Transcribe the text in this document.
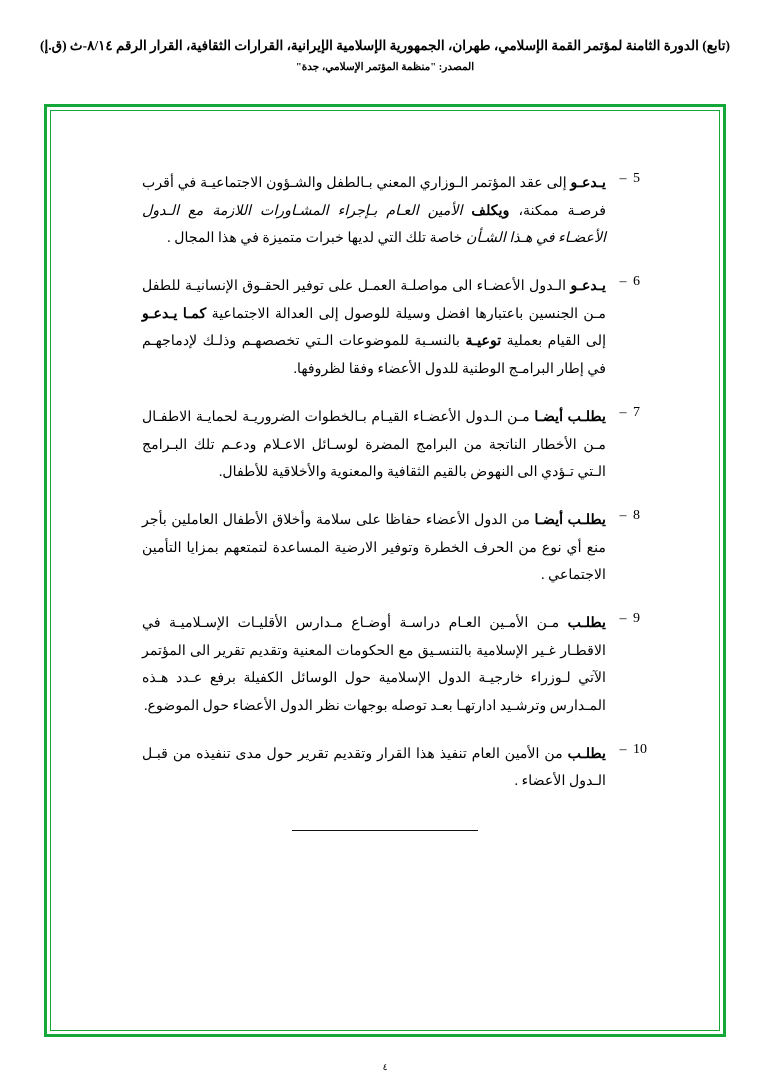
(تابع) الدورة الثامنة لمؤتمر القمة الإسلامي، طهران، الجمهورية الإسلامية الإيرانية، القرارات الثقافية، القرار الرقم ٨/١٤-ث (ق.إ)
المصدر: "منظمة المؤتمر الإسلامي، جدة"
5
–
يـدعـو إلى عقد المؤتمر الـوزاري المعني بـالطفل والشـؤون الاجتماعيـة في أقرب فرصـة ممكنة، ويكلف الأمين العـام بـإجراء المشـاورات اللازمة مع الـدول الأعضـاء في هـذا الشـأن خاصة تلك التي لديها خبرات متميزة في هذا المجال .
6
–
يـدعـو الـدول الأعضـاء الى مواصلـة العمـل على توفير الحقـوق الإنسانيـة للطفل مـن الجنسين باعتبارها افضل وسيلة للوصول إلى العدالة الاجتماعية كمـا يـدعـو إلى القيام بعملية توعيـة بالنسـبة للموضوعات الـتي تخصصهـم وذلـك لإدماجهـم في إطار البرامـج الوطنية للدول الأعضاء وفقا لظروفها.
7
–
يطلـب أيضـا مـن الـدول الأعضـاء القيـام بـالخطوات الضروريـة لحمايـة الاطفـال مـن الأخطار الناتجة من البرامج المضرة لوسـائل الاعـلام ودعـم تلك البـرامج الـتي تـؤدي الى النهوض بالقيم الثقافية والمعنوية والأخلاقية للأطفال.
8
–
يطلـب أيضـا من الدول الأعضاء حفاظا على سلامة وأخلاق الأطفال العاملين بأجر منع أي نوع من الحرف الخطرة وتوفير الارضية المساعدة لتمتعهم بمزايا التأمين الاجتماعي .
9
–
يطلـب مـن الأمـين العـام دراسـة أوضـاع مـدارس الأقليـات الإسـلاميـة في الاقطـار غـير الإسلامية بالتنسـيق مع الحكومات المعنية وتقديم تقرير الى المؤتمر الآتي لـوزراء خارجيـة الدول الإسلامية حول الوسائل الكفيلة برفع عـدد هـذه المـدارس وترشـيد ادارتهـا بعـد توصله بوجهات نظر الدول الأعضاء حول الموضوع.
10
–
يطلـب من الأمين العام تنفيذ هذا القرار وتقديم تقرير حول مدى تنفيذه من قبـل الـدول الأعضاء .
٤
